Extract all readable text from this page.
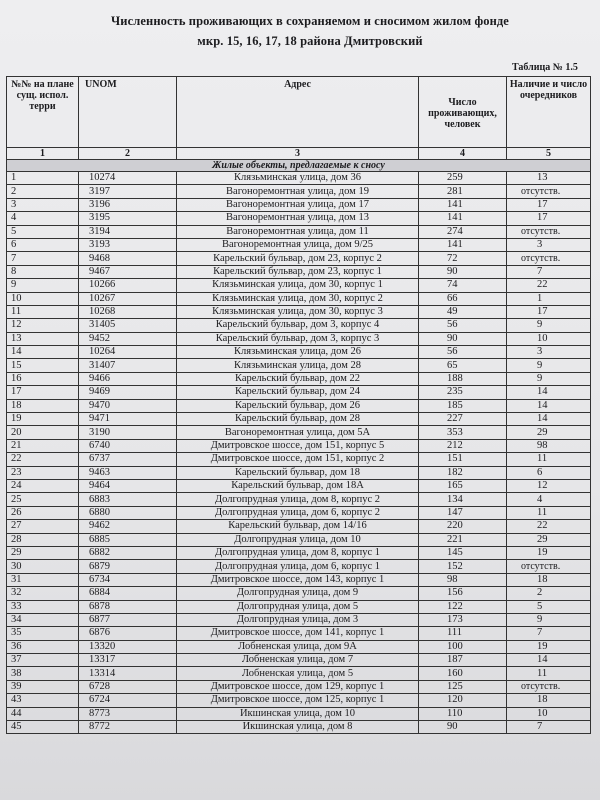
Численность проживающих в сохраняемом и сносимом жилом фонде
мкр. 15, 16, 17, 18 района Дмитровский
Таблица № 1.5
№№ на плане сущ. испол. терри	UNOM	Адрес	Число проживающих, человек	Наличие и число очередников
1	2	3	4	5
Жилые объекты, предлагаемые к сносу				
1	10274	Клязьминская улица, дом 36	259	13
2	3197	Вагоноремонтная улица, дом 19	281	отсутств.
3	3196	Вагоноремонтная улица, дом 17	141	17
4	3195	Вагоноремонтная улица, дом 13	141	17
5	3194	Вагоноремонтная улица, дом 11	274	отсутств.
6	3193	Вагоноремонтная улица, дом 9/25	141	3
7	9468	Карельский бульвар, дом 23, корпус 2	72	отсутств.
8	9467	Карельский бульвар, дом 23, корпус 1	90	7
9	10266	Клязьминская улица, дом 30, корпус 1	74	22
10	10267	Клязьминская улица, дом 30, корпус 2	66	1
11	10268	Клязьминская улица, дом 30, корпус 3	49	17
12	31405	Карельский бульвар, дом 3, корпус 4	56	9
13	9452	Карельский бульвар, дом 3, корпус 3	90	10
14	10264	Клязьминская улица, дом 26	56	3
15	31407	Клязьминская улица, дом 28	65	9
16	9466	Карельский бульвар, дом 22	188	9
17	9469	Карельский бульвар, дом 24	235	14
18	9470	Карельский бульвар, дом 26	185	14
19	9471	Карельский бульвар, дом 28	227	14
20	3190	Вагоноремонтная улица, дом 5А	353	29
21	6740	Дмитровское шоссе, дом 151, корпус 5	212	98
22	6737	Дмитровское шоссе, дом 151, корпус 2	151	11
23	9463	Карельский бульвар, дом 18	182	6
24	9464	Карельский бульвар, дом 18А	165	12
25	6883	Долгопрудная улица, дом 8, корпус 2	134	4
26	6880	Долгопрудная улица, дом 6, корпус 2	147	11
27	9462	Карельский бульвар, дом 14/16	220	22
28	6885	Долгопрудная улица, дом 10	221	29
29	6882	Долгопрудная улица, дом 8, корпус 1	145	19
30	6879	Долгопрудная улица, дом 6, корпус 1	152	отсутств.
31	6734	Дмитровское шоссе, дом 143, корпус 1	98	18
32	6884	Долгопрудная улица, дом 9	156	2
33	6878	Долгопрудная улица, дом 5	122	5
34	6877	Долгопрудная улица, дом 3	173	9
35	6876	Дмитровское шоссе, дом 141, корпус 1	111	7
36	13320	Лобненская улица, дом 9А	100	19
37	13317	Лобненская улица, дом 7	187	14
38	13314	Лобненская улица, дом 5	160	11
39	6728	Дмитровское шоссе, дом 129, корпус 1	125	отсутств.
43	6724	Дмитровское шоссе, дом 125, корпус 1	120	18
44	8773	Икшинская улица, дом 10	110	10
45	8772	Икшинская улица, дом 8	90	7
